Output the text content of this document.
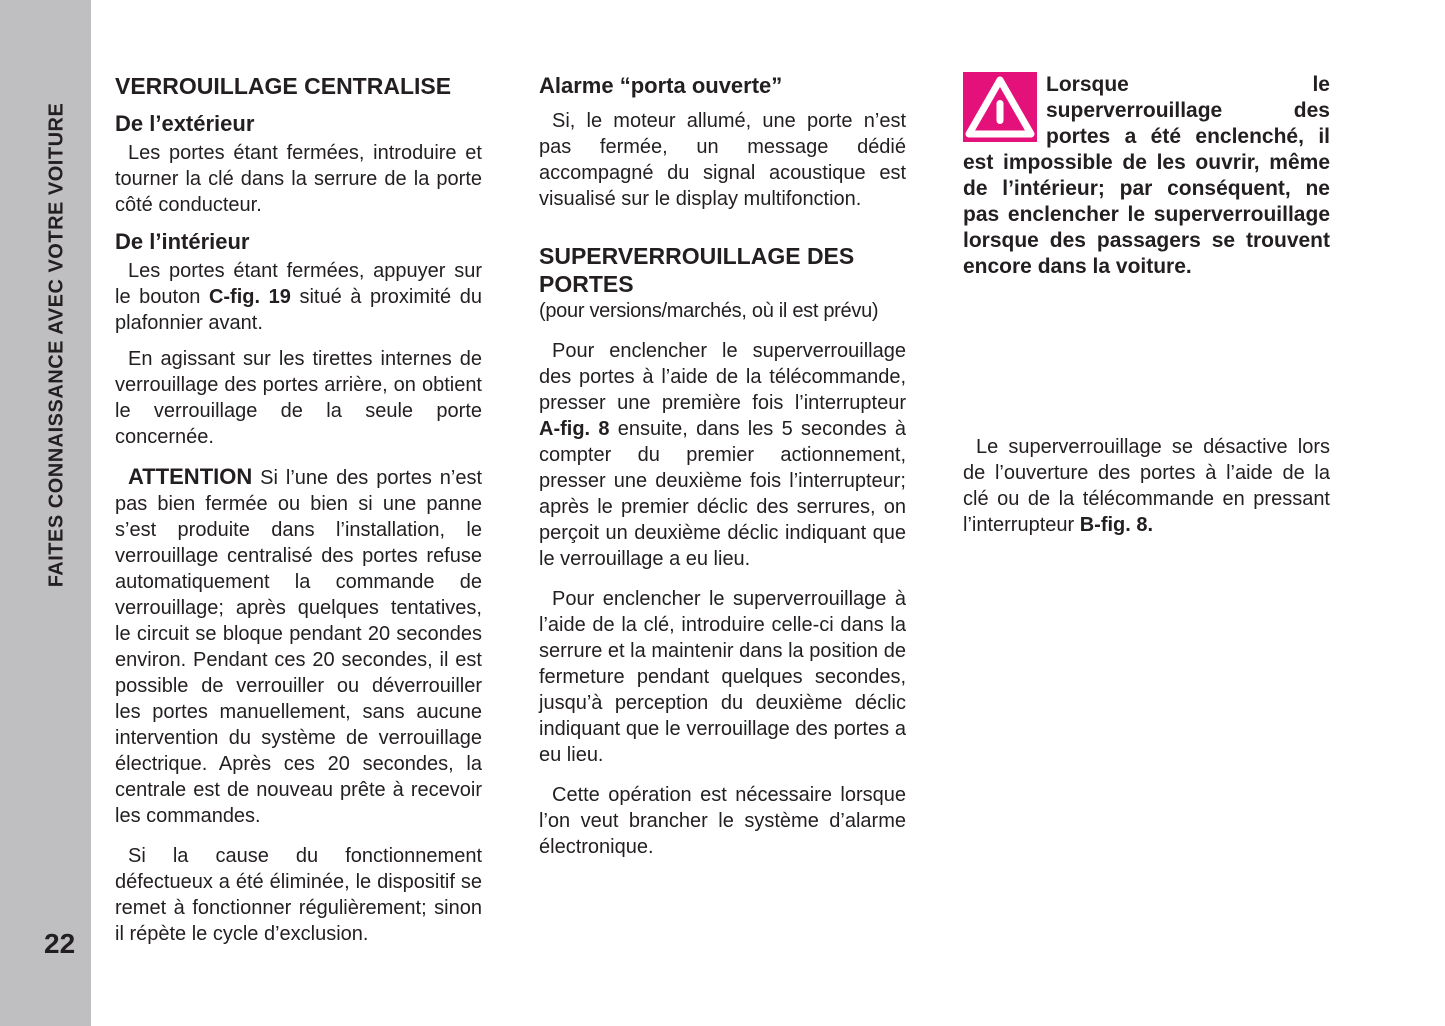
FAITES CONNAISSANCE AVEC VOTRE VOITURE
22
VERROUILLAGE CENTRALISE
De l’extérieur

Les portes étant fermées, introduire et tourner la clé dans la serrure de la porte côté conducteur.

De l’intérieur

Les portes étant fermées, appuyer sur le bouton C-fig. 19 situé à proximité du plafonnier avant.

En agissant sur les tirettes internes de verrouillage des portes arrière, on obtient le verrouillage de la seule porte concernée.

ATTENTION Si l’une des portes n’est pas bien fermée ou bien si une panne s’est produite dans l’installation, le verrouillage centralisé des portes refuse automatiquement la commande de verrouillage; après quelques tentatives, le circuit se bloque pendant 20 secondes environ. Pendant ces 20 secondes, il est possible de verrouiller ou déverrouiller les portes manuellement, sans aucune intervention du système de verrouillage électrique. Après ces 20 secondes, la centrale est de nouveau prête à recevoir les commandes.

Si la cause du fonctionnement défectueux a été éliminée, le dispositif se remet à fonctionner régulièrement; sinon il répète le cycle d’exclusion.

Alarme “porta ouverte”

Si, le moteur allumé, une porte n’est pas fermée, un message dédié accompagné du signal acoustique est visualisé sur le display multifonction.

SUPERVERROUILLAGE DES PORTES

(pour versions/marchés, où il est prévu)

Pour enclencher le superverrouillage des portes à l’aide de la télécommande, presser une première fois l’interrupteur A-fig. 8 ensuite, dans les 5 secondes à compter du premier actionnement, presser une deuxième fois l’interrupteur; après le premier déclic des serrures, on perçoit un deuxième déclic indiquant que le verrouillage a eu lieu.

Pour enclencher le superverrouillage à l’aide de la clé, introduire celle-ci dans la serrure et la maintenir dans la position de fermeture pendant quelques secondes, jusqu’à perception du deuxième déclic indiquant que le verrouillage des portes a eu lieu.

Cette opération est nécessaire lorsque l’on veut brancher le système d’alarme électronique.

Lorsque le superverrouillage des portes a été enclenché, il est impossible de les ouvrir, même de l’intérieur; par conséquent, ne pas enclencher le superverrouillage lorsque des passagers se trouvent encore dans la voiture.

Le superverrouillage se désactive lors de l’ouverture des portes à l’aide de la clé ou de la télécommande en pressant l’interrupteur B-fig. 8.
